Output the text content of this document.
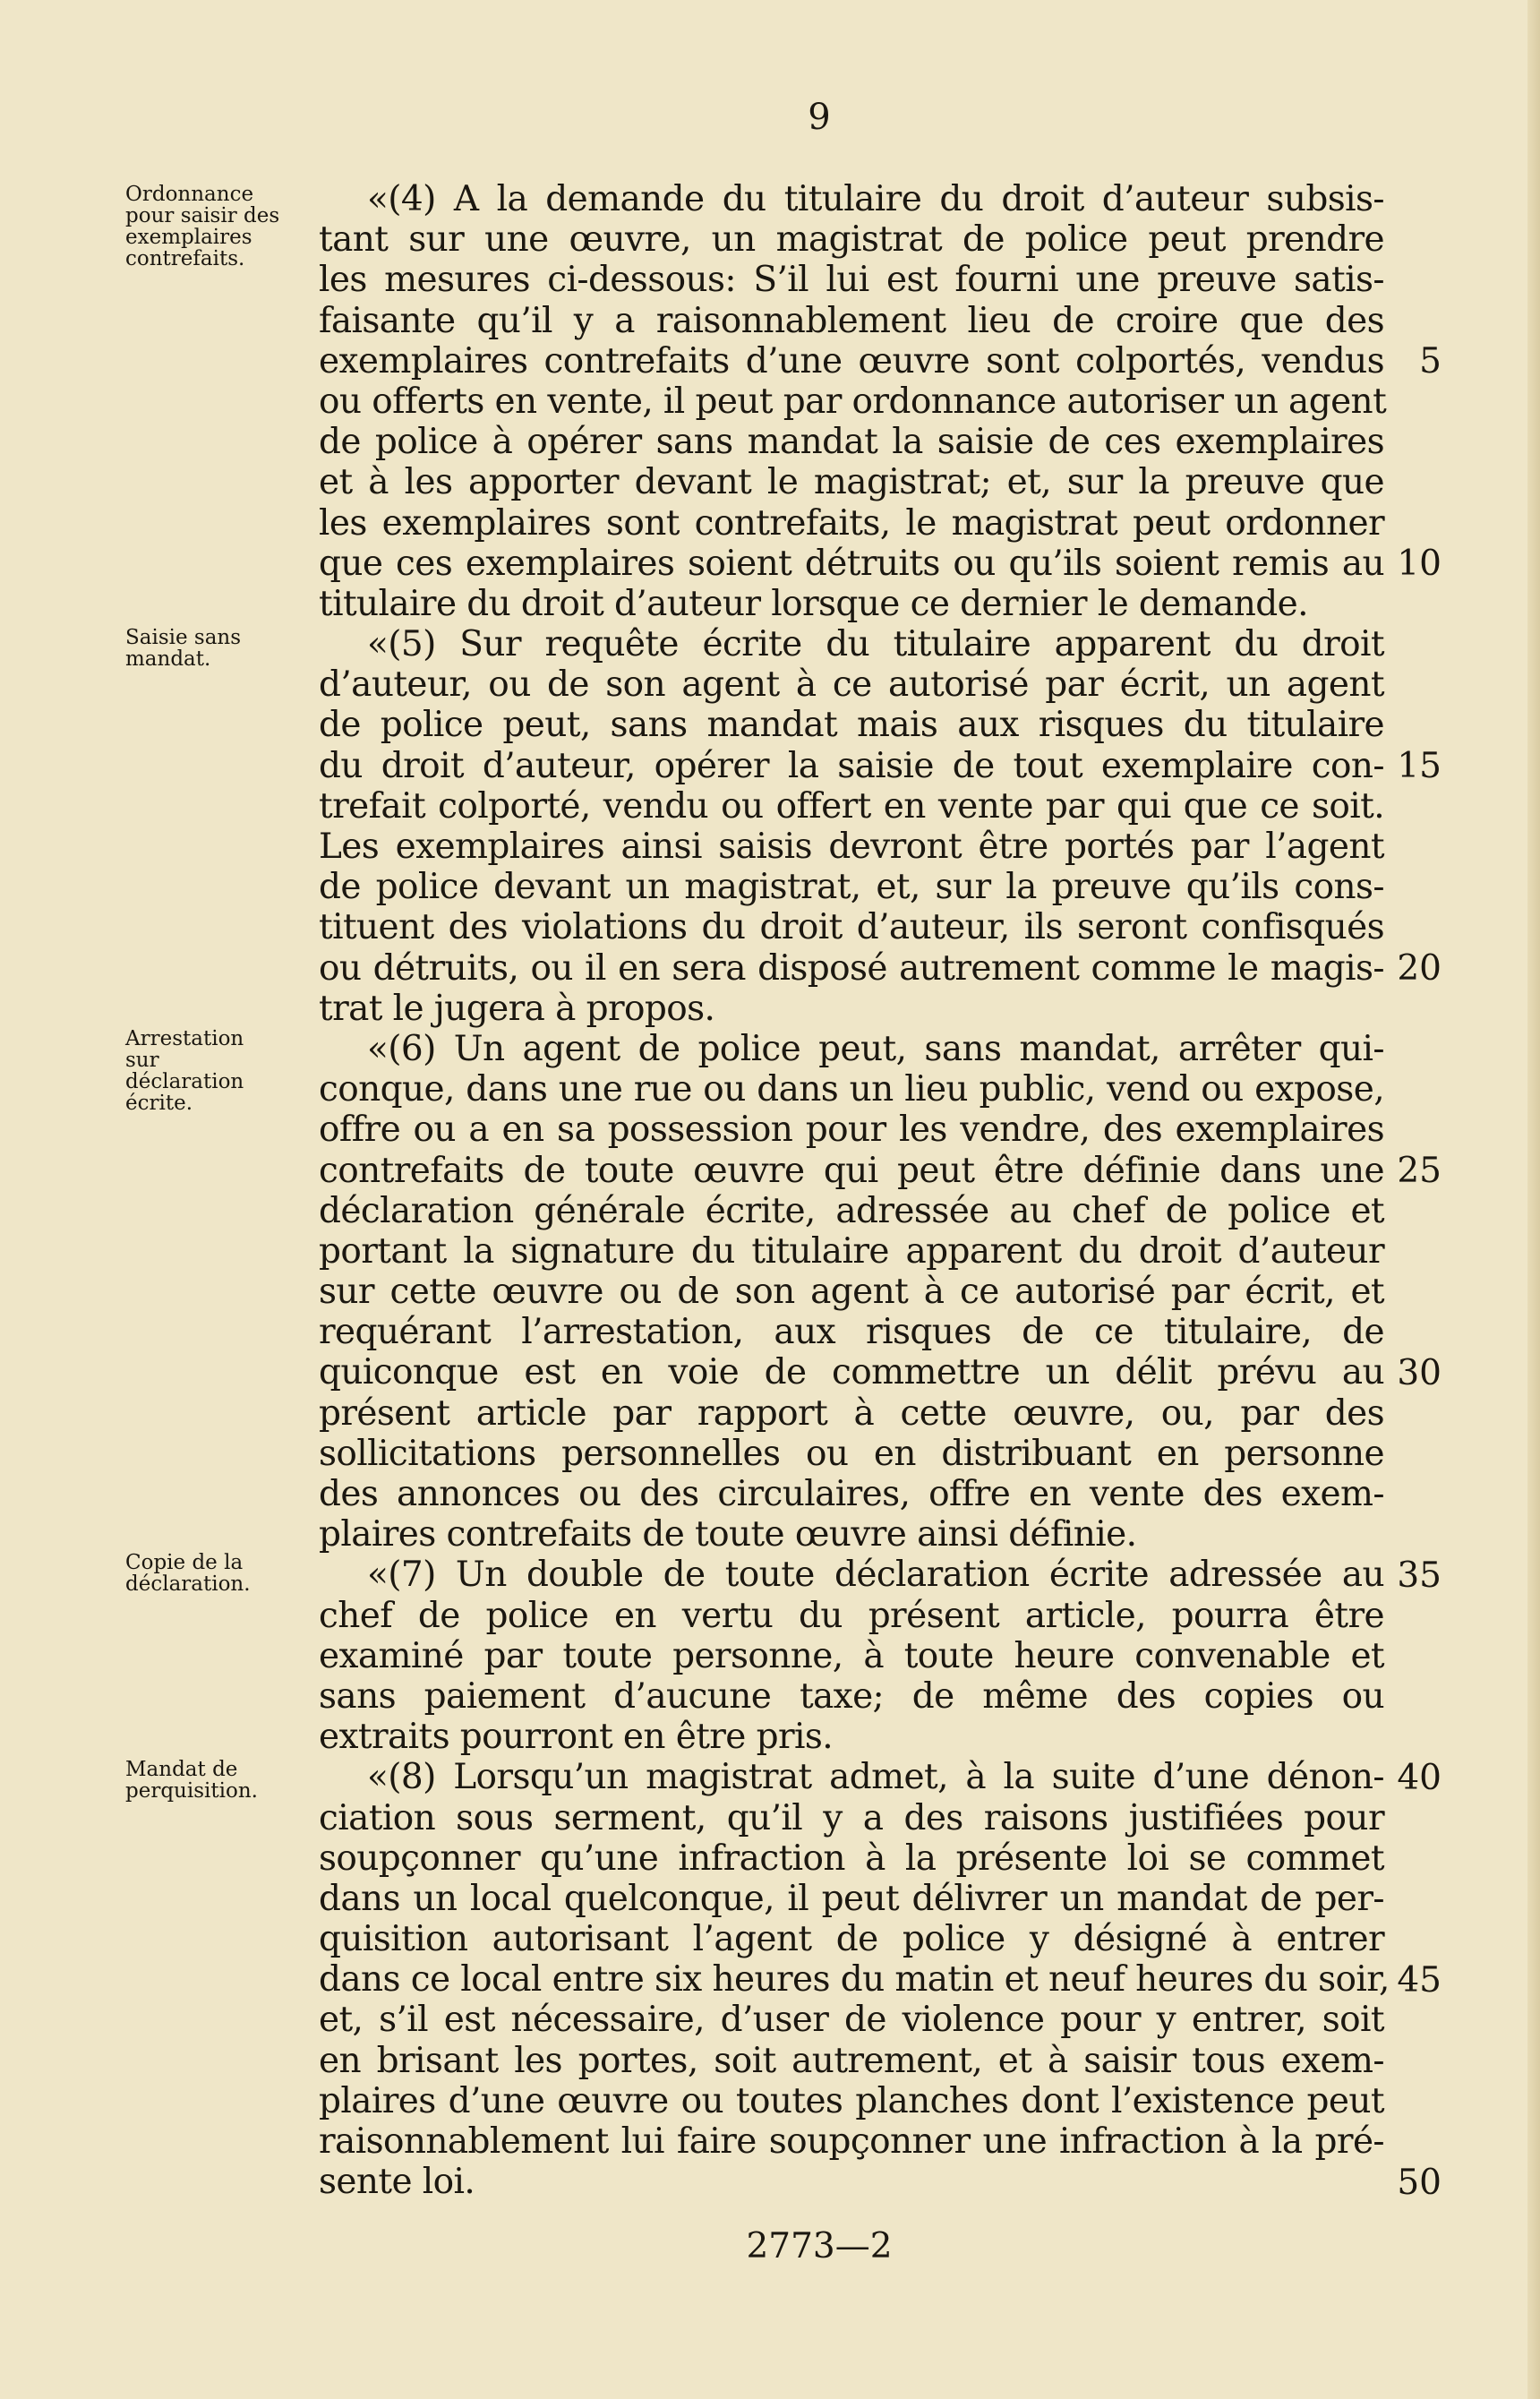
9
Ordonnance
pour saisir des
exemplaires
contrefaits.
Saisie sans
mandat.
Arrestation
sur
déclaration
écrite.
Copie de la
déclaration.
Mandat de
perquisition.
«(4) A la demande du titulaire du droit d’auteur subsis-
tant sur une œuvre, un magistrat de police peut prendre
les mesures ci-dessous: S’il lui est fourni une preuve satis-
faisante qu’il y a raisonnablement lieu de croire que des
exemplaires contrefaits d’une œuvre sont colportés, vendus
ou offerts en vente, il peut par ordonnance autoriser un agent
de police à opérer sans mandat la saisie de ces exemplaires
et à les apporter devant le magistrat; et, sur la preuve que
les exemplaires sont contrefaits, le magistrat peut ordonner
que ces exemplaires soient détruits ou qu’ils soient remis au
titulaire du droit d’auteur lorsque ce dernier le demande.
«(5) Sur requête écrite du titulaire apparent du droit
d’auteur, ou de son agent à ce autorisé par écrit, un agent
de police peut, sans mandat mais aux risques du titulaire
du droit d’auteur, opérer la saisie de tout exemplaire con-
trefait colporté, vendu ou offert en vente par qui que ce soit.
Les exemplaires ainsi saisis devront être portés par l’agent
de police devant un magistrat, et, sur la preuve qu’ils cons-
tituent des violations du droit d’auteur, ils seront confisqués
ou détruits, ou il en sera disposé autrement comme le magis-
trat le jugera à propos.
«(6) Un agent de police peut, sans mandat, arrêter qui-
conque, dans une rue ou dans un lieu public, vend ou expose,
offre ou a en sa possession pour les vendre, des exemplaires
contrefaits de toute œuvre qui peut être définie dans une
déclaration générale écrite, adressée au chef de police et
portant la signature du titulaire apparent du droit d’auteur
sur cette œuvre ou de son agent à ce autorisé par écrit, et
requérant l’arrestation, aux risques de ce titulaire, de
quiconque est en voie de commettre un délit prévu au
présent article par rapport à cette œuvre, ou, par des
sollicitations personnelles ou en distribuant en personne
des annonces ou des circulaires, offre en vente des exem-
plaires contrefaits de toute œuvre ainsi définie.
«(7) Un double de toute déclaration écrite adressée au
chef de police en vertu du présent article, pourra être
examiné par toute personne, à toute heure convenable et
sans paiement d’aucune taxe; de même des copies ou
extraits pourront en être pris.
«(8) Lorsqu’un magistrat admet, à la suite d’une dénon-
ciation sous serment, qu’il y a des raisons justifiées pour
soupçonner qu’une infraction à la présente loi se commet
dans un local quelconque, il peut délivrer un mandat de per-
quisition autorisant l’agent de police y désigné à entrer
dans ce local entre six heures du matin et neuf heures du soir,
et, s’il est nécessaire, d’user de violence pour y entrer, soit
en brisant les portes, soit autrement, et à saisir tous exem-
plaires d’une œuvre ou toutes planches dont l’existence peut
raisonnablement lui faire soupçonner une infraction à la pré-
sente loi.
5
10
15
20
25
30
35
40
45
50
2773—2
